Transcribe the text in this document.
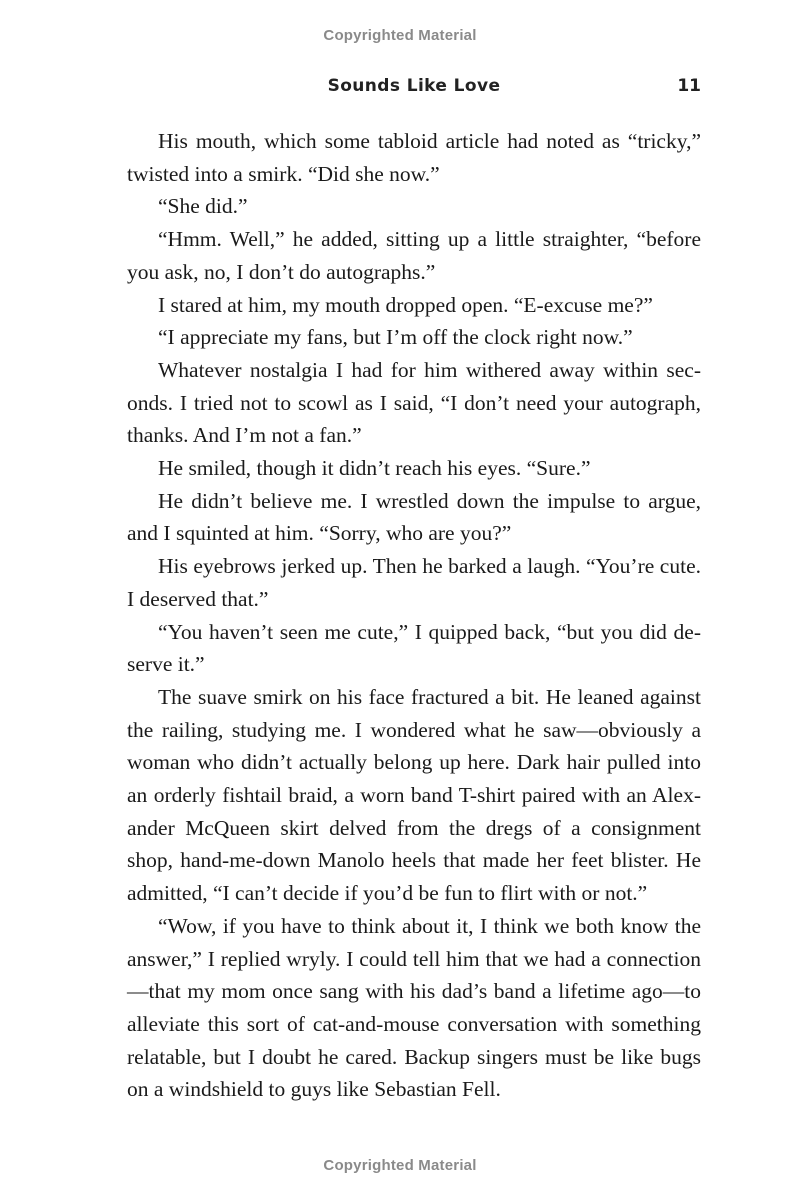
Copyrighted Material
Sounds Like Love	11

His mouth, which some tabloid article had noted as “tricky,” twisted into a smirk. “Did she now.”

“She did.”

“Hmm. Well,” he added, sitting up a little straighter, “before you ask, no, I don’t do autographs.”

I stared at him, my mouth dropped open. “E-excuse me?”

“I appreciate my fans, but I’m off the clock right now.”

Whatever nostalgia I had for him withered away within seconds. I tried not to scowl as I said, “I don’t need your autograph, thanks. And I’m not a fan.”

He smiled, though it didn’t reach his eyes. “Sure.”

He didn’t believe me. I wrestled down the impulse to argue, and I squinted at him. “Sorry, who are you?”

His eyebrows jerked up. Then he barked a laugh. “You’re cute. I deserved that.”

“You haven’t seen me cute,” I quipped back, “but you did deserve it.”

The suave smirk on his face fractured a bit. He leaned against the railing, studying me. I wondered what he saw—obviously a woman who didn’t actually belong up here. Dark hair pulled into an orderly fishtail braid, a worn band T-shirt paired with an Alexander McQueen skirt delved from the dregs of a consignment shop, hand-me-down Manolo heels that made her feet blister. He admitted, “I can’t decide if you’d be fun to flirt with or not.”

“Wow, if you have to think about it, I think we both know the answer,” I replied wryly. I could tell him that we had a connection—that my mom once sang with his dad’s band a lifetime ago—to alleviate this sort of cat-and-mouse conversation with something relatable, but I doubt he cared. Backup singers must be like bugs on a windshield to guys like Sebastian Fell.

Copyrighted Material
